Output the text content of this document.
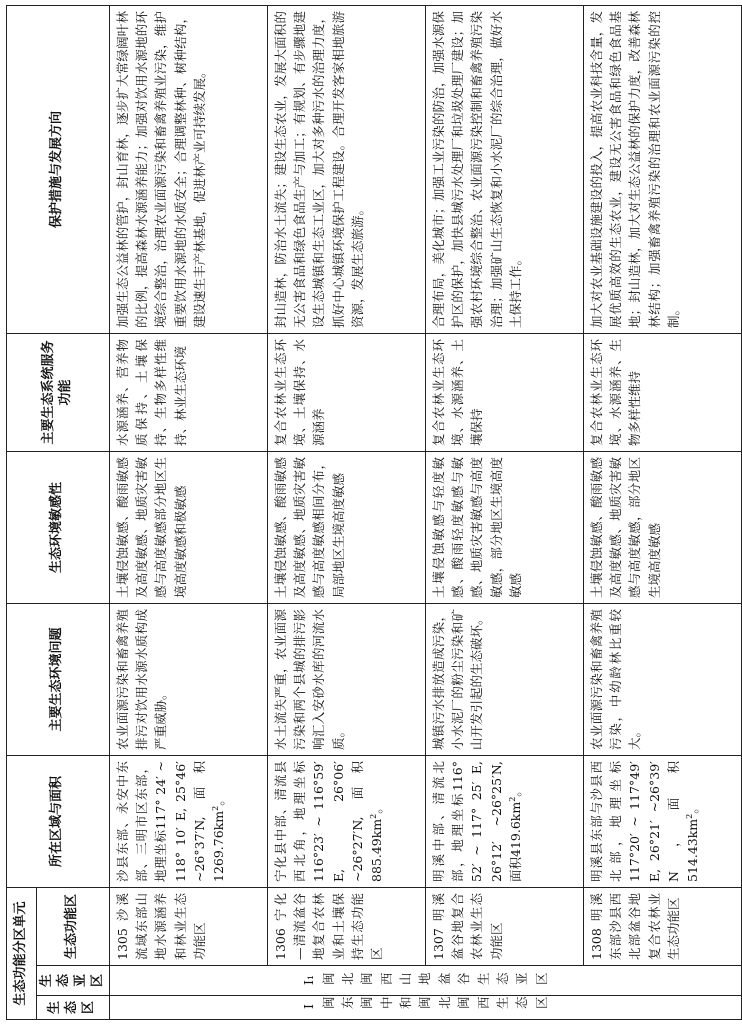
生态功能分区单元			所在区域与面积	主要生态环境问题	生态环境敏感性	主要生态系统服务功能	保护措施与发展方向
生态区	生态亚区	生态功能区					
I 闽东闽中和闽北闽西生态区	I₁ 闽北闽西山地盆谷生态亚区	1305 沙溪流域东部山地水源涵养和林业生态功能区	沙县东部、永安中东部、三明市区东部，地理坐标117° 24′ ~ 118° 10′ E, 25°46′ ~26°37′N, 面积$1269.76km^2$。	农业面源污染和畜禽养殖排污对饮用水源水质构成严重威胁。	土壤侵蚀敏感、酸雨敏感及高度敏感、地质灾害敏感与高度敏感部分地区生境高度敏感和极敏感	水源涵养、营养物质保持、土壤保持、生物多样性维持、林业生态环境	加强生态公益林的管护，封山育林，逐步扩大常绿阔叶林的比例，提高森林水源涵养能力；加强对饮用水源地的环境综合整治，治理农业面源污染和畜禽养殖业污染，维护重要饮用水源地的水质安全；合理调整林种、树种结构，建设速生丰产林基地，促进林产业可持续发展。
		1306 宁化—清流盆谷地复合农林业和土壤保持生态功能区	宁化县中部、清流县西北角，地理坐标116°23′ ~ 116°59′ E, 26°06′ ~26°27′N, 面积$885.49km^2$。	水土流失严重，农业面源污染和两个县城的排污影响汇入安砂水库的河流水质。	土壤侵蚀敏感、酸雨敏感及高度敏感、地质灾害敏感与高度敏感相间分布，局部地区生境高度敏感	复合农林业生态环境、土壤保持、水源涵养	封山造林，防治水土流失；建设生态农业，发展大面积的无公害食品和绿色食品生产与加工；有规划、有步骤地建设生态城镇和生态工业区，加大对多种污水的治理力度，抓好中心城镇环境保护工程建设。合理开发客家相地旅游资源，发展生态旅游。
		1307 明溪盆谷地复合农林业生态功能区	明溪中部、清流北部，地理坐标116° 52′ ~ 117° 25′ E, 26°12′ ~26°25′N, 面积$419.6km^2$。	城镇污水排放造成污染，小水泥厂的粉尘污染和矿山开发引起的生态破坏。	土壤侵蚀敏感与轻度敏感、酸雨轻度敏感与敏感、地质灾害敏感与高度敏感，部分地区生境高度敏感	复合农林业生态环境、水源涵养、土壤保持	合理布局，美化城市；加强工业污染的防治，加强水源保护区的保护，加快县城污水处理厂和垃圾处理厂建设；加强农村环境综合整治、农业面源污染控制和畜禽养殖污染治理；加强矿山生态恢复和小水泥厂的综合治理，做好水土保持工作。
		1308 明溪东部沙县西北部盆谷地复合农林业生态功能区	明溪县东部与沙县西北部，地理坐标117°20′ ~ 117°49′ E, 26°21′ ~26°39′ N，面积$514.43km^2$。	农业面源污染和畜禽养殖污染，中幼龄林比重较大。	土壤侵蚀敏感、酸雨敏感及高度敏感、地质灾害敏感与高度敏感，部分地区生境高度敏感	复合农林业生态环境、水源涵养、生物多样性维持	加大对农业基础设施建设的投入，提高农业科技含量，发展优质高效的生态农业，建设无公害食品和绿色食品基地；封山造林，加大对生态公益林的保护力度，改善森林林结构；加强畜禽养殖污染的治理和农业面源污染的控制。
